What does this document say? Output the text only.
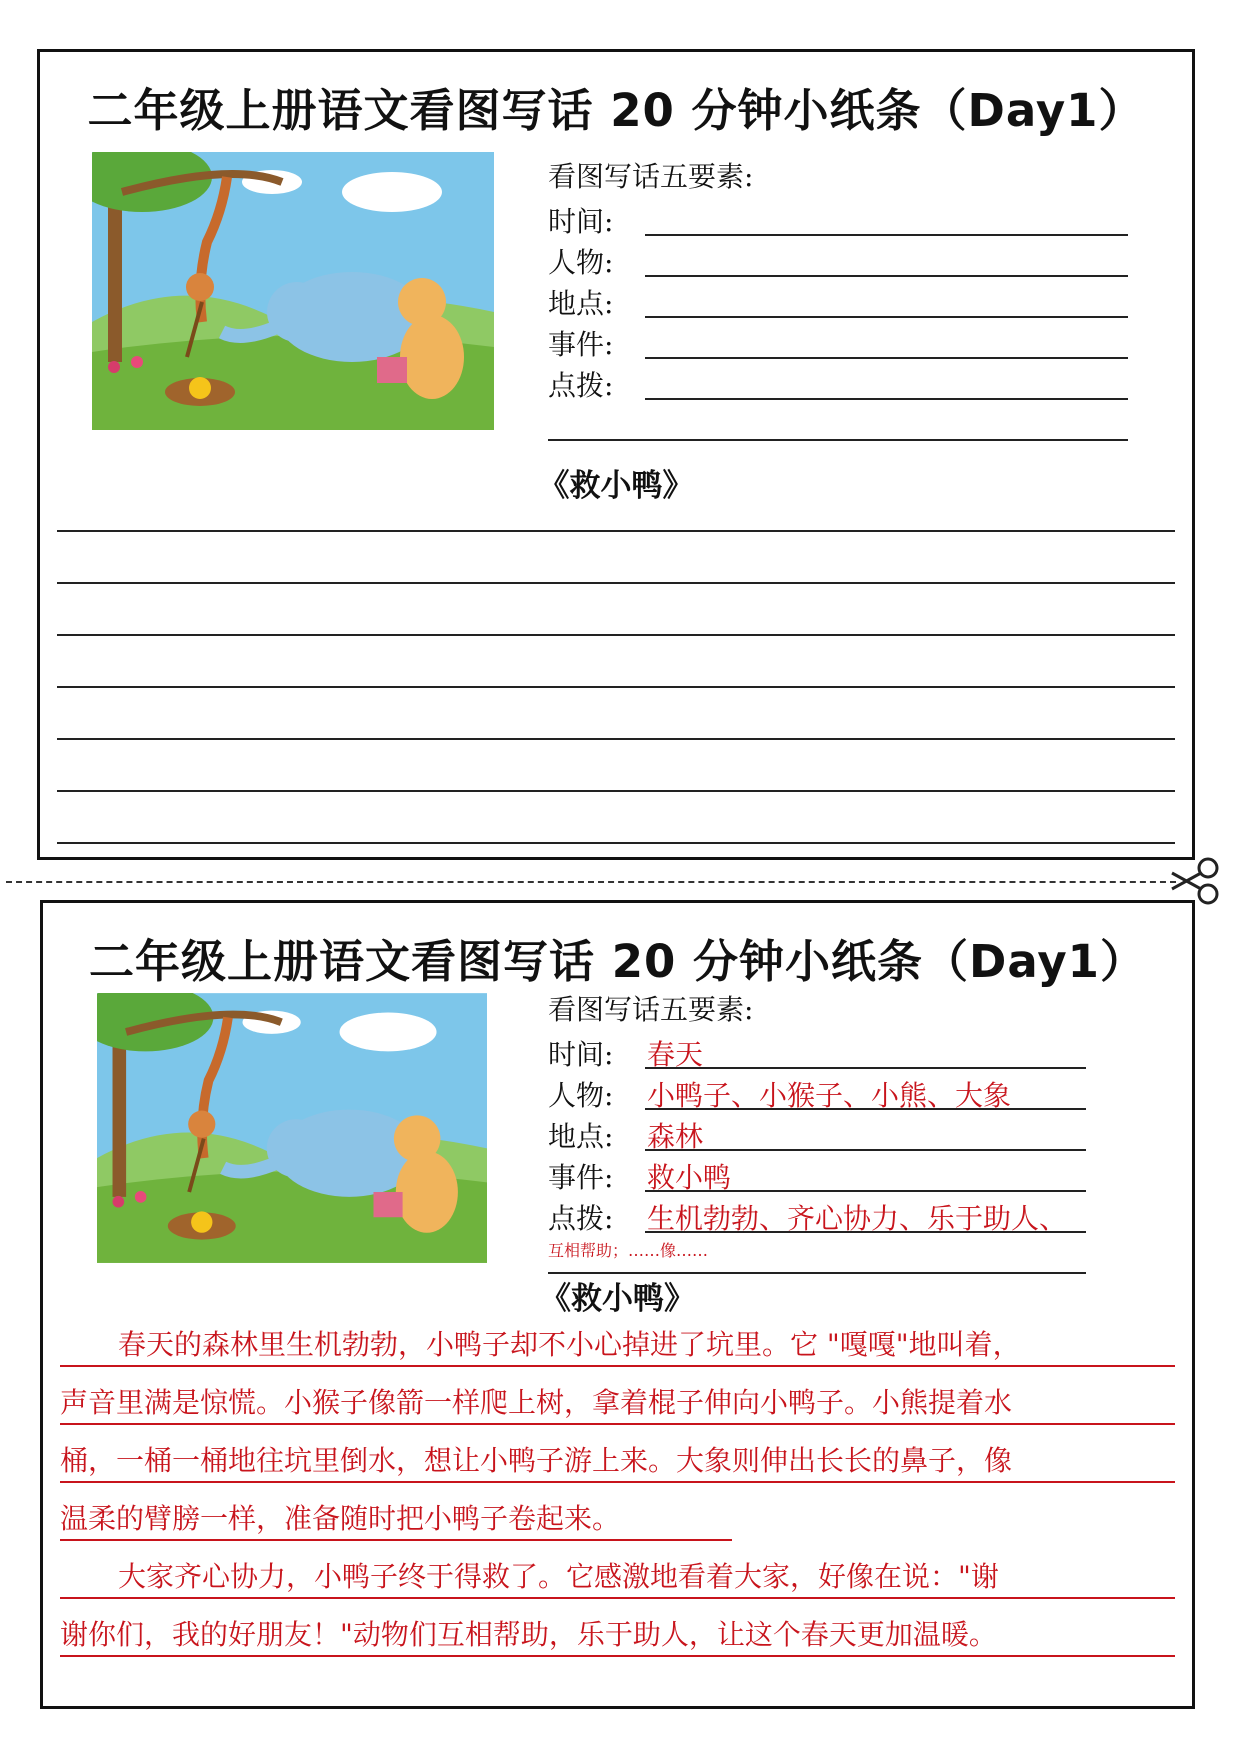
二年级上册语文看图写话 20 分钟小纸条（Day1）
看图写话五要素:
时间:
人物:
地点:
事件:
点拨:
《救小鸭》
二年级上册语文看图写话 20 分钟小纸条（Day1）
看图写话五要素:
时间: 春天
人物: 小鸭子、小猴子、小熊、大象
地点: 森林
事件: 救小鸭
点拨: 生机勃勃、齐心协力、乐于助人、
互相帮助；……像……
《救小鸭》
春天的森林里生机勃勃，小鸭子却不小心掉进了坑里。它 "嘎嘎"地叫着，
声音里满是惊慌。小猴子像箭一样爬上树，拿着棍子伸向小鸭子。小熊提着水
桶，一桶一桶地往坑里倒水，想让小鸭子游上来。大象则伸出长长的鼻子，像
温柔的臂膀一样，准备随时把小鸭子卷起来。
大家齐心协力，小鸭子终于得救了。它感激地看着大家，好像在说："谢
谢你们，我的好朋友！"动物们互相帮助，乐于助人，让这个春天更加温暖。
